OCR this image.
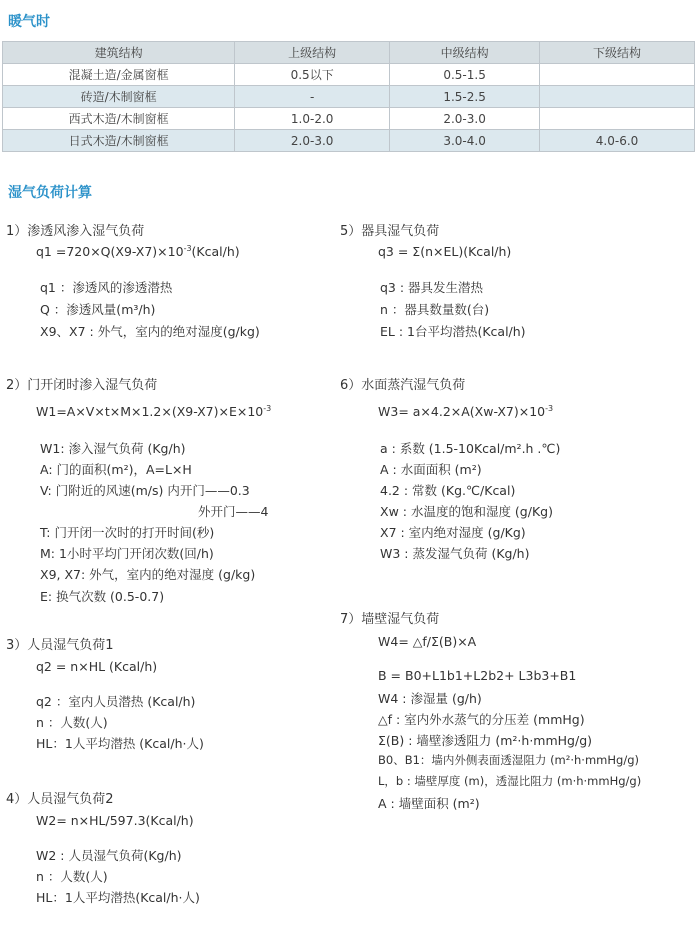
暖气时
建筑结构	上级结构	中级结构	下级结构
混凝土造/金属窗框	0.5以下	0.5-1.5	
砖造/木制窗框	-	1.5-2.5	
西式木造/木制窗框	1.0-2.0	2.0-3.0	
日式木造/木制窗框	2.0-3.0	3.0-4.0	4.0-6.0
湿气负荷计算
1）渗透风渗入湿气负荷
$q1 =720\times Q(X9-X7)\times 10^{-3}(Kcal/h)$
q1 ：渗透风的渗透潜热
Q ：渗透风量(m³/h)
X9、X7 : 外气，室内的绝对湿度(g/kg)
2）门开闭时渗入湿气负荷
$W1=A\times V\times t\times M\times 1.2\times(X9-X7)\times E\times 10^{-3}$
W1: 渗入湿气负荷 (Kg/h)
A: 门的面积(m²)，A=L×H
V: 门附近的风速(m/s) 内开门——0.3
外开门——4
T: 门开闭一次时的打开时间(秒)
M: 1小时平均门开闭次数(回/h)
X9, X7: 外气，室内的绝对湿度 (g/kg)
E: 换气次数 (0.5-0.7)
3）人员湿气负荷1
q2 = n×HL (Kcal/h)
q2 ：室内人员潜热 (Kcal/h)
n ：人数(人)
HL：1人平均潜热 (Kcal/h·人)
4）人员湿气负荷2
W2= n×HL/597.3(Kcal/h)
W2 : 人员湿气负荷(Kg/h)
n ：人数(人)
HL：1人平均潜热(Kcal/h·人)
5）器具湿气负荷
q3 = Σ(n×EL)(Kcal/h)
q3 : 器具发生潜热
n ：器具数量数(台)
EL : 1台平均潜热(Kcal/h)
6）水面蒸汽湿气负荷
$W3= a\times 4.2\times A(Xw-X7)\times 10^{-3}$
a : 系数 (1.5-10Kcal/m².h .℃)
A : 水面面积 (m²)
4.2 : 常数 (Kg.℃/Kcal)
Xw : 水温度的饱和湿度 (g/Kg)
X7 : 室内绝对湿度 (g/Kg)
W3 : 蒸发湿气负荷 (Kg/h)
7）墙壁湿气负荷
W4= △f/Σ(B)×A
B = B0+L1b1+L2b2+ L3b3+B1
W4 : 渗湿量 (g/h)
△f : 室内外水蒸气的分压差 (mmHg)
Σ(B) : 墙壁渗透阻力 (m²·h·mmHg/g)
B0、B1：墙内外侧表面透湿阻力 (m²·h·mmHg/g)
L，b : 墙壁厚度 (m)，透湿比阻力 (m·h·mmHg/g)
A : 墙壁面积 (m²)
